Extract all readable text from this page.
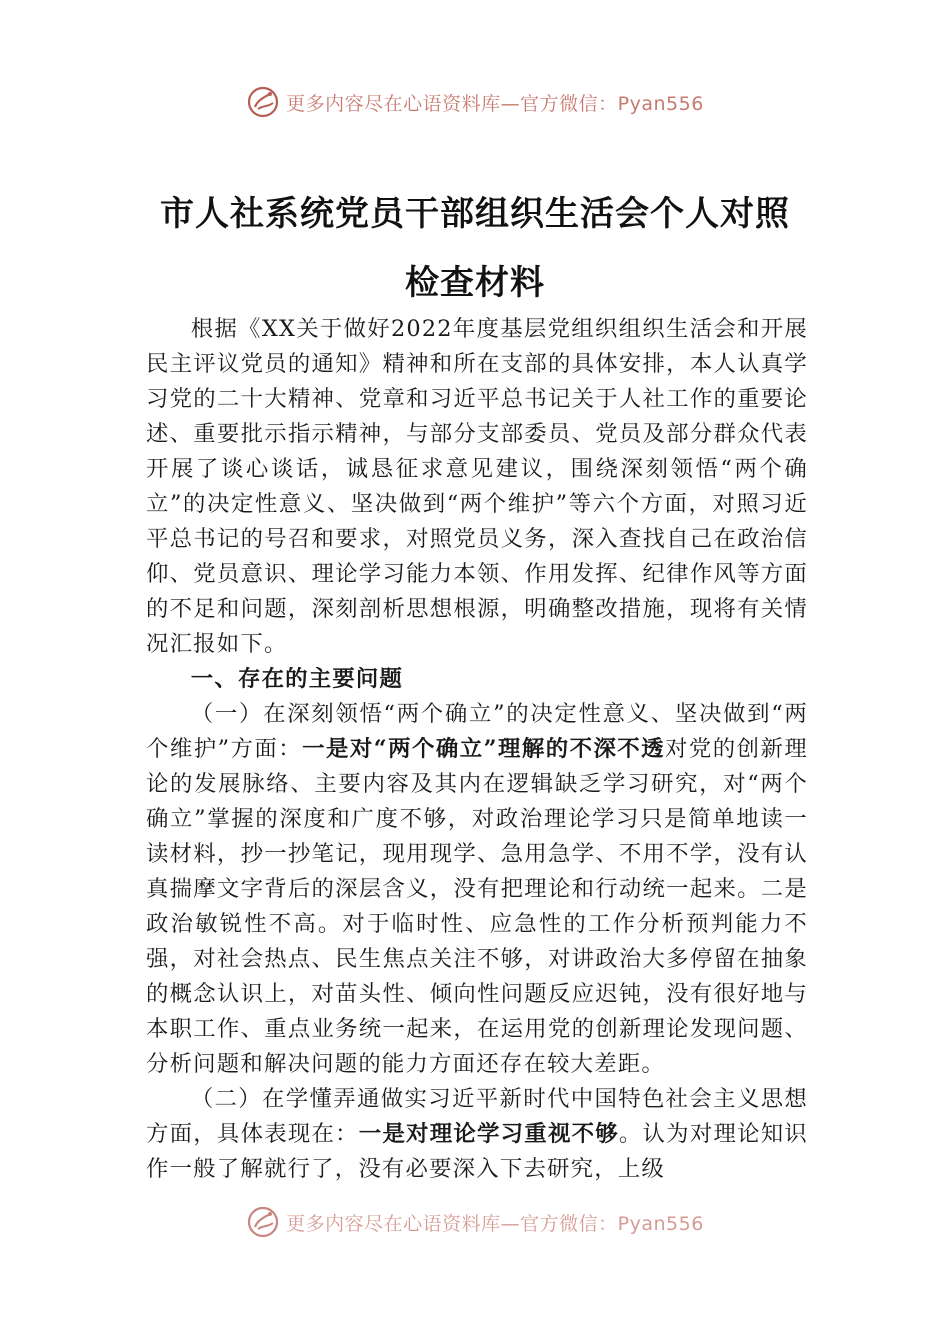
更多内容尽在心语资料库—官方微信：Pyan556
市人社系统党员干部组织生活会个人对照
检查材料

根据《XX关于做好2022年度基层党组织组织生活会和开展民主评议党员的通知》精神和所在支部的具体安排，本人认真学习党的二十大精神、党章和习近平总书记关于人社工作的重要论述、重要批示指示精神，与部分支部委员、党员及部分群众代表开展了谈心谈话，诚恳征求意见建议，围绕深刻领悟“两个确立”的决定性意义、坚决做到“两个维护”等六个方面，对照习近平总书记的号召和要求，对照党员义务，深入查找自己在政治信仰、党员意识、理论学习能力本领、作用发挥、纪律作风等方面的不足和问题，深刻剖析思想根源，明确整改措施，现将有关情况汇报如下。

一、存在的主要问题

（一）在深刻领悟“两个确立”的决定性意义、坚决做到“两个维护”方面：一是对“两个确立”理解的不深不透对党的创新理论的发展脉络、主要内容及其内在逻辑缺乏学习研究，对“两个确立”掌握的深度和广度不够，对政治理论学习只是简单地读一读材料，抄一抄笔记，现用现学、急用急学、不用不学，没有认真揣摩文字背后的深层含义，没有把理论和行动统一起来。二是政治敏锐性不高。对于临时性、应急性的工作分析预判能力不强，对社会热点、民生焦点关注不够，对讲政治大多停留在抽象的概念认识上，对苗头性、倾向性问题反应迟钝，没有很好地与本职工作、重点业务统一起来，在运用党的创新理论发现问题、分析问题和解决问题的能力方面还存在较大差距。

（二）在学懂弄通做实习近平新时代中国特色社会主义思想方面，具体表现在：一是对理论学习重视不够。认为对理论知识作一般了解就行了，没有必要深入下去研究，上级

更多内容尽在心语资料库—官方微信：Pyan556
